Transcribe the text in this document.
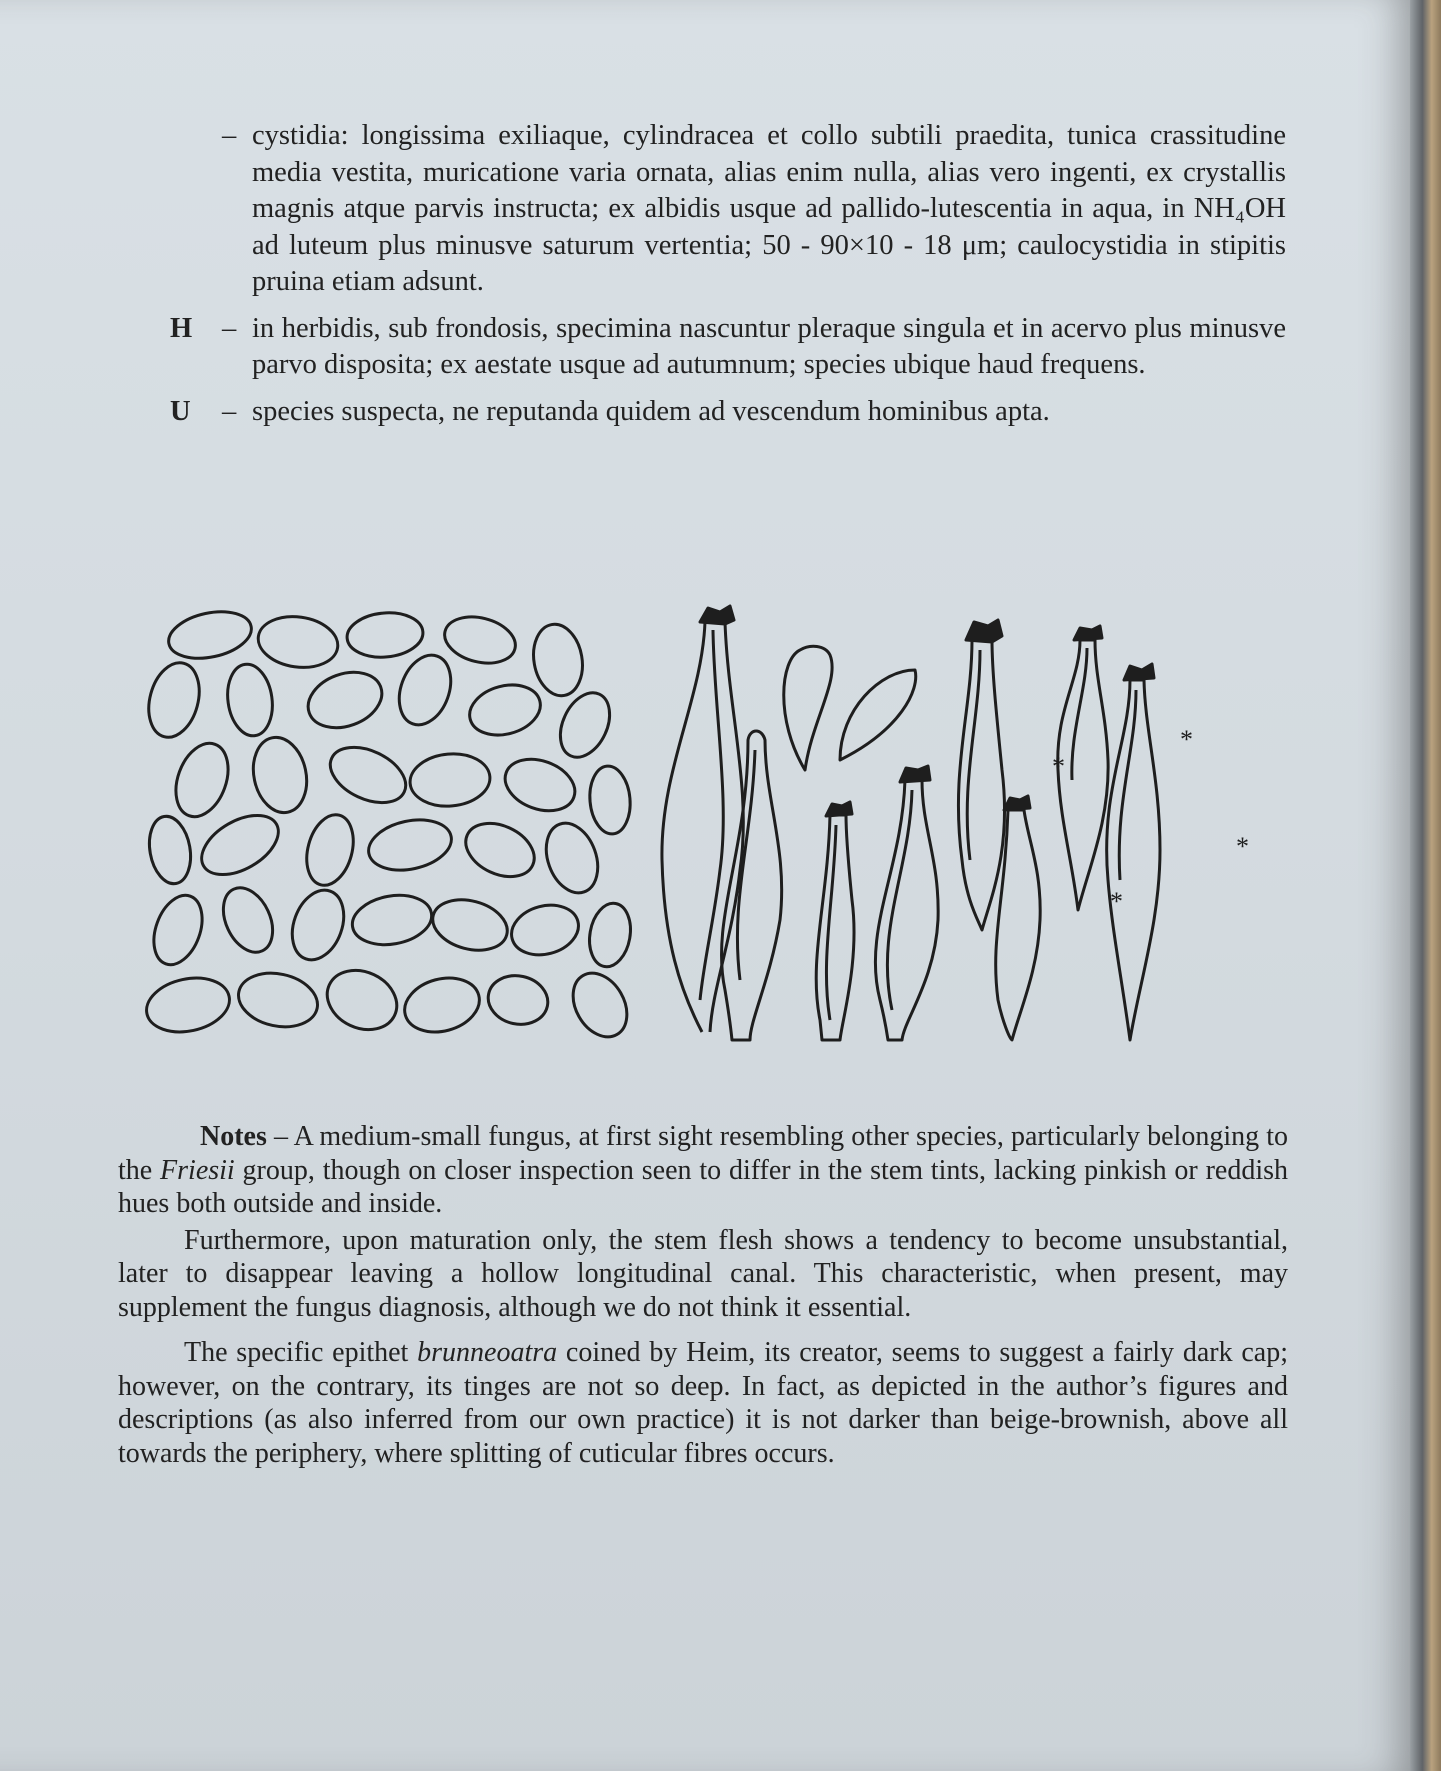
– cystidia: longissima exiliaque, cylindracea et collo subtili praedita, tunica crassitudine media vestita, muricatione varia ornata, alias enim nulla, alias vero ingenti, ex crystallis magnis atque parvis instructa; ex albidis usque ad pallido-lutescentia in aqua, in NH₄OH ad luteum plus minusve saturum vertentia; 50 - 90×10 - 18 μm; caulocystidia in stipitis pruina etiam adsunt.
H – in herbidis, sub frondosis, specimina nascuntur pleraque singula et in acervo plus minusve parvo disposita; ex aestate usque ad autumnum; species ubique haud frequens.
U – species suspecta, ne reputanda quidem ad vescendum hominibus apta.
*
*
*
*

Notes – A medium-small fungus, at first sight resembling other species, particularly belonging to the Friesii group, though on closer inspection seen to differ in the stem tints, lacking pinkish or reddish hues both outside and inside.

Furthermore, upon maturation only, the stem flesh shows a tendency to become unsubstantial, later to disappear leaving a hollow longitudinal canal. This characteristic, when present, may supplement the fungus diagnosis, although we do not think it essential.

The specific epithet brunneoatra coined by Heim, its creator, seems to suggest a fairly dark cap; however, on the contrary, its tinges are not so deep. In fact, as depicted in the author’s figures and descriptions (as also inferred from our own practice) it is not darker than beige-brownish, above all towards the periphery, where splitting of cuticular fibres occurs.
